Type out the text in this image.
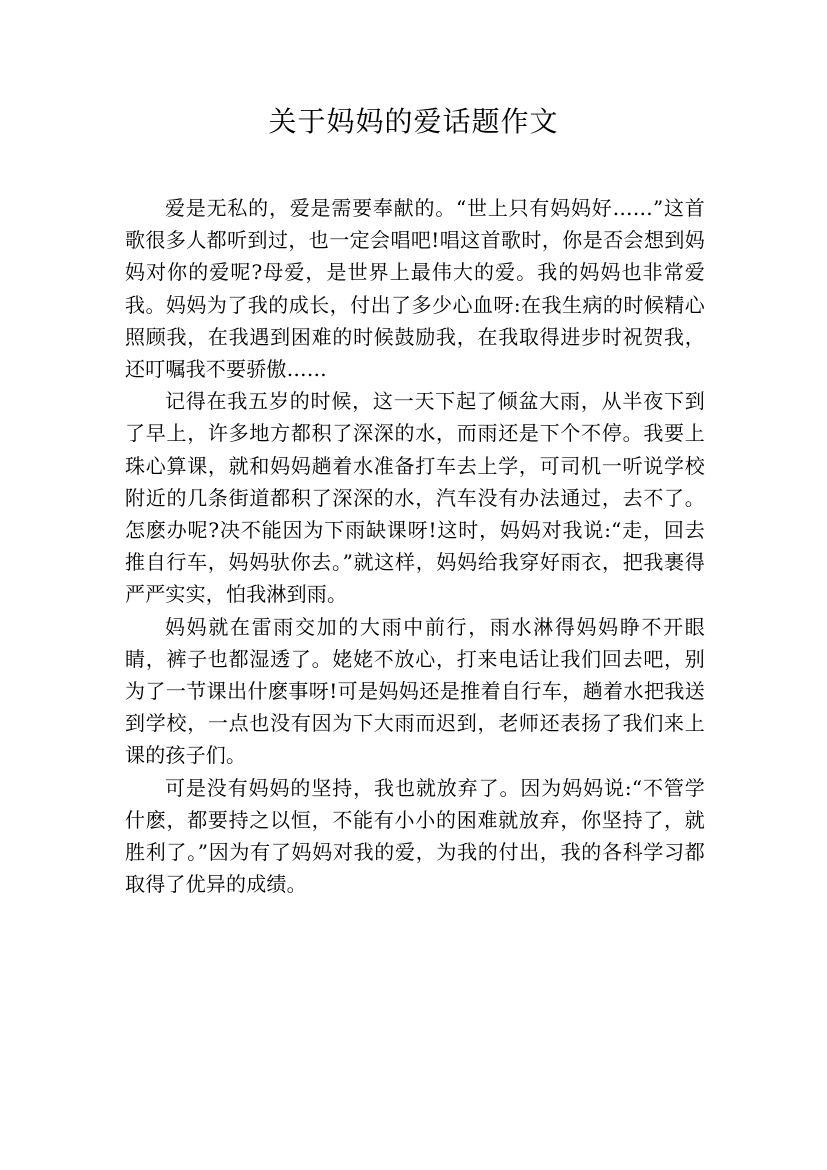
关于妈妈的爱话题作文

爱是无私的，爱是需要奉献的。“世上只有妈妈好……”这首歌很多人都听到过，也一定会唱吧!唱这首歌时，你是否会想到妈妈对你的爱呢?母爱，是世界上最伟大的爱。我的妈妈也非常爱我。妈妈为了我的成长，付出了多少心血呀:在我生病的时候精心照顾我，在我遇到困难的时候鼓励我，在我取得进步时祝贺我，还叮嘱我不要骄傲……

记得在我五岁的时候，这一天下起了倾盆大雨，从半夜下到了早上，许多地方都积了深深的水，而雨还是下个不停。我要上珠心算课，就和妈妈趟着水准备打车去上学，可司机一听说学校附近的几条街道都积了深深的水，汽车没有办法通过，去不了。怎麽办呢?决不能因为下雨缺课呀!这时，妈妈对我说:“走，回去推自行车，妈妈驮你去。”就这样，妈妈给我穿好雨衣，把我裹得严严实实，怕我淋到雨。

妈妈就在雷雨交加的大雨中前行，雨水淋得妈妈睁不开眼睛，裤子也都湿透了。姥姥不放心，打来电话让我们回去吧，别为了一节课出什麽事呀!可是妈妈还是推着自行车，趟着水把我送到学校，一点也没有因为下大雨而迟到，老师还表扬了我们来上课的孩子们。

可是没有妈妈的坚持，我也就放弃了。因为妈妈说:“不管学什麽，都要持之以恒，不能有小小的困难就放弃，你坚持了，就胜利了。”因为有了妈妈对我的爱，为我的付出，我的各科学习都取得了优异的成绩。
